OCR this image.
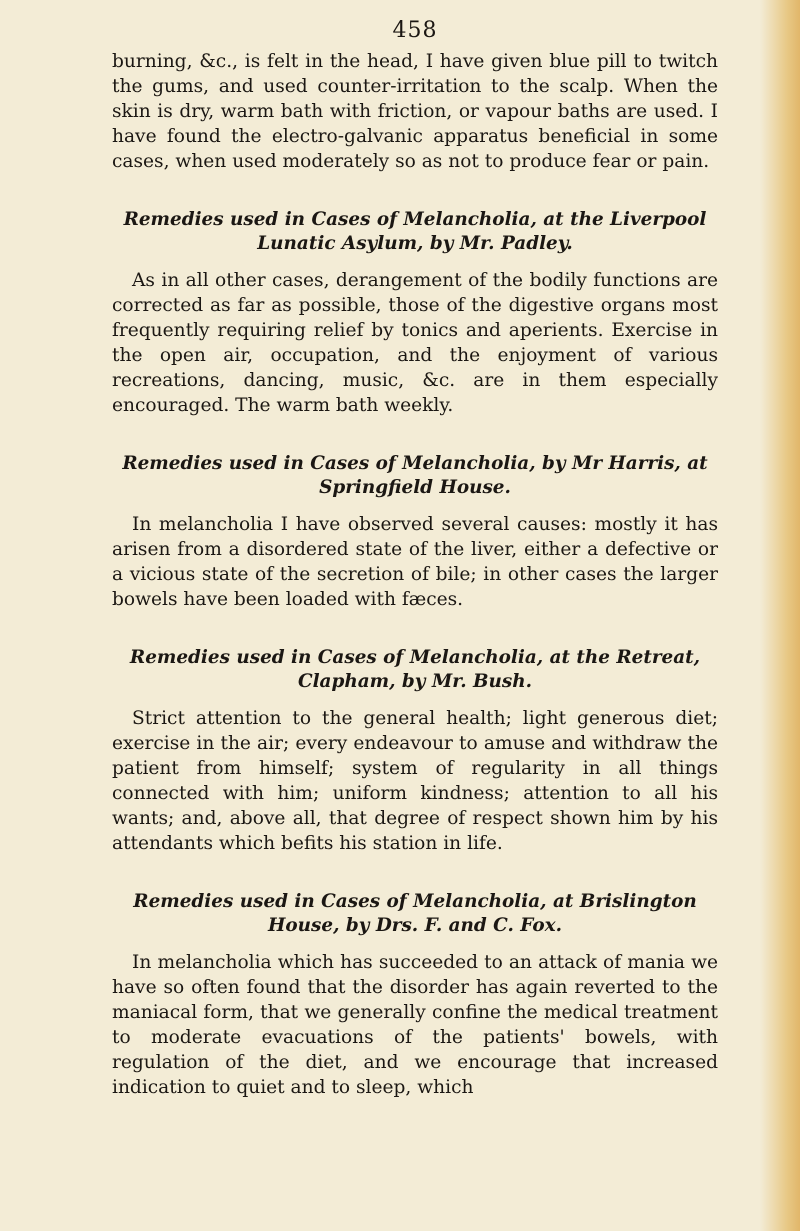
458

burning, &c., is felt in the head, I have given blue pill to twitch the gums, and used counter-irritation to the scalp. When the skin is dry, warm bath with friction, or vapour baths are used. I have found the electro-galvanic apparatus beneficial in some cases, when used moderately so as not to produce fear or pain.

Remedies used in Cases of Melancholia, at the Liverpool Lunatic Asylum, by Mr. Padley.

As in all other cases, derangement of the bodily functions are corrected as far as possible, those of the digestive organs most frequently requiring relief by tonics and aperients. Exercise in the open air, occupation, and the enjoyment of various recreations, dancing, music, &c. are in them especially encouraged. The warm bath weekly.

Remedies used in Cases of Melancholia, by Mr Harris, at Springfield House.

In melancholia I have observed several causes: mostly it has arisen from a disordered state of the liver, either a defective or a vicious state of the secretion of bile; in other cases the larger bowels have been loaded with fæces.

Remedies used in Cases of Melancholia, at the Retreat, Clapham, by Mr. Bush.

Strict attention to the general health; light generous diet; exercise in the air; every endeavour to amuse and withdraw the patient from himself; system of regularity in all things connected with him; uniform kindness; attention to all his wants; and, above all, that degree of respect shown him by his attendants which befits his station in life.

Remedies used in Cases of Melancholia, at Brislington House, by Drs. F. and C. Fox.

In melancholia which has succeeded to an attack of mania we have so often found that the disorder has again reverted to the maniacal form, that we generally confine the medical treatment to moderate evacuations of the patients' bowels, with regulation of the diet, and we encourage that increased indication to quiet and to sleep, which
